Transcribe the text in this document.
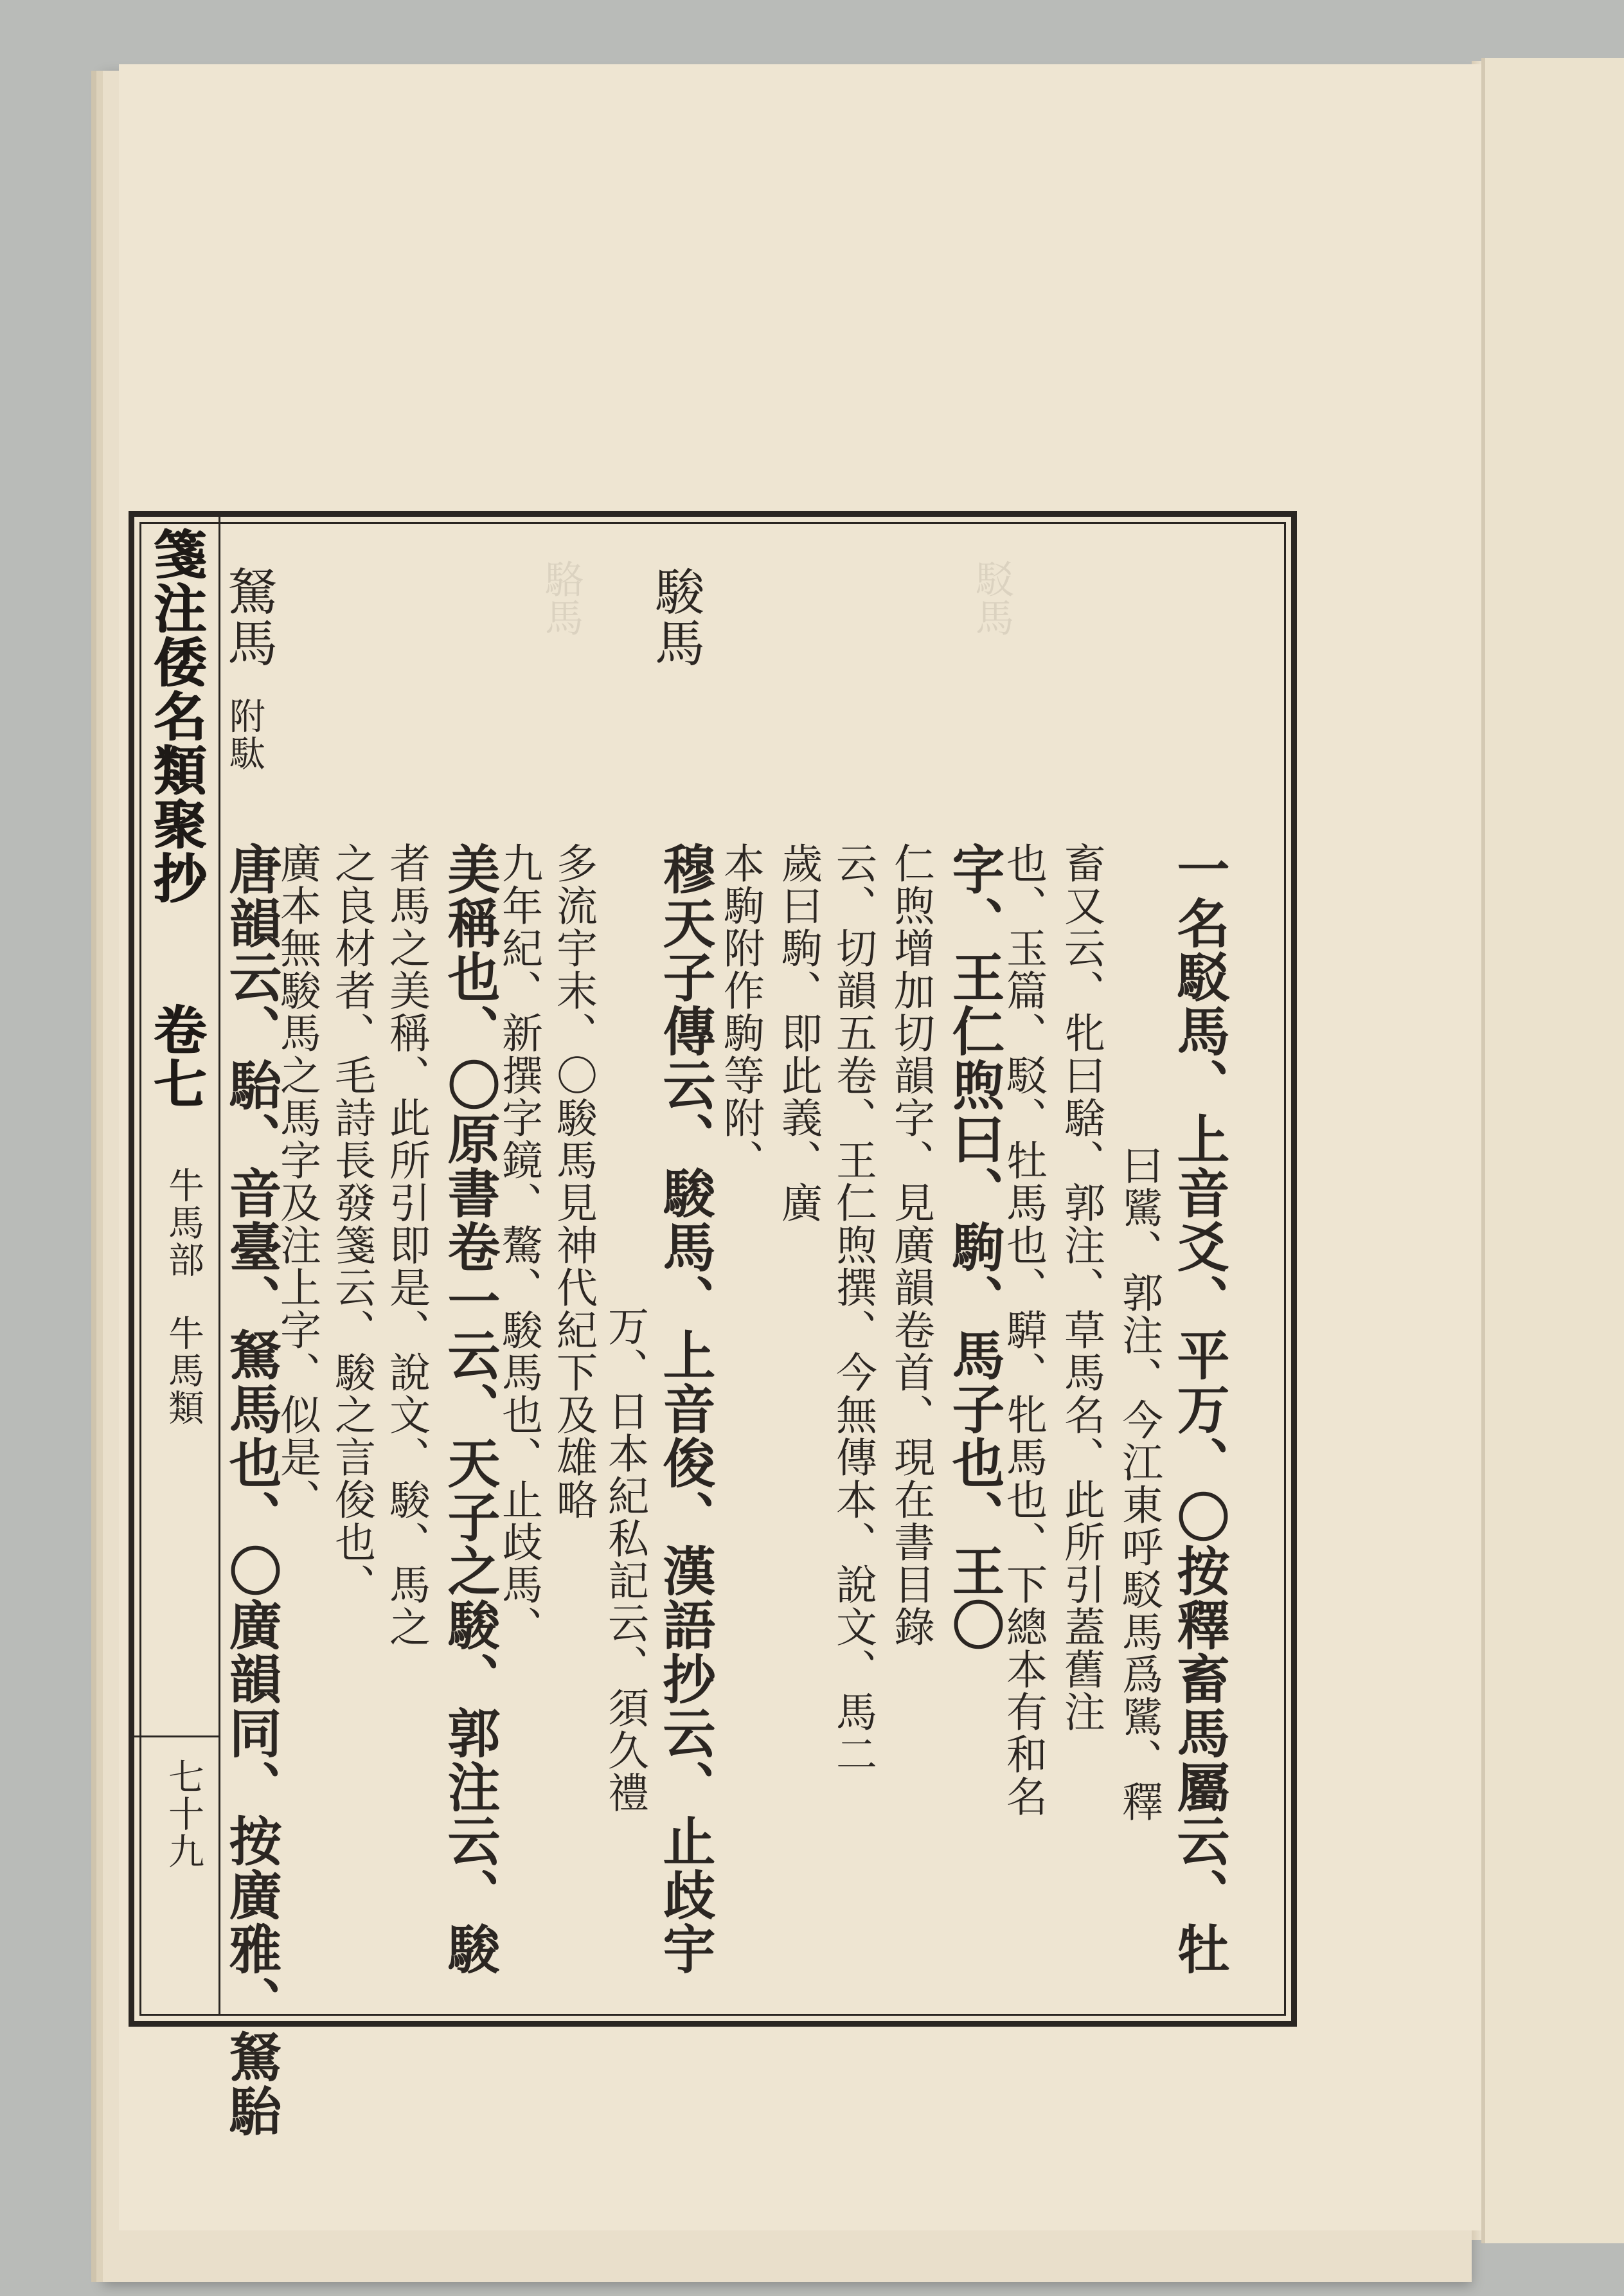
駁馬
駱馬
箋注倭名類聚抄
卷七
牛馬部
牛馬類
七十九
駿馬
駑馬
附駄
一名駁馬、上音爻、平万、〇按釋畜馬屬云、牡
曰騭、郭注、今江東呼駁馬爲騭、釋
畜又云、牝曰騇、郭注、草馬名、此所引蓋舊注
也、玉篇、駁、牡馬也、騲、牝馬也、下總本有和名
字、王仁煦曰、駒、馬子也、王〇
仁煦增加切韻字、見廣韻卷首、現在書目錄
云、切韻五卷、王仁煦撰、今無傳本、說文、馬二
歲曰駒、即此義、廣
本駒附作駒等附、
穆天子傳云、駿馬、上音俊、漢語抄云、止歧宇
万、日本紀私記云、須久禮
多流宇末、〇駿馬見神代紀下及雄略
九年紀、新撰字鏡、驁、駿馬也、止歧馬、
美稱也、〇原書卷一云、天子之駿、郭注云、駿
者馬之美稱、此所引即是、說文、駿、馬之
之良材者、毛詩長發箋云、駿之言俊也、
廣本無駿馬之馬字及注上字、似是、
唐韻云、駘、音臺、駑馬也、〇廣韻同、按廣雅、駑駘
